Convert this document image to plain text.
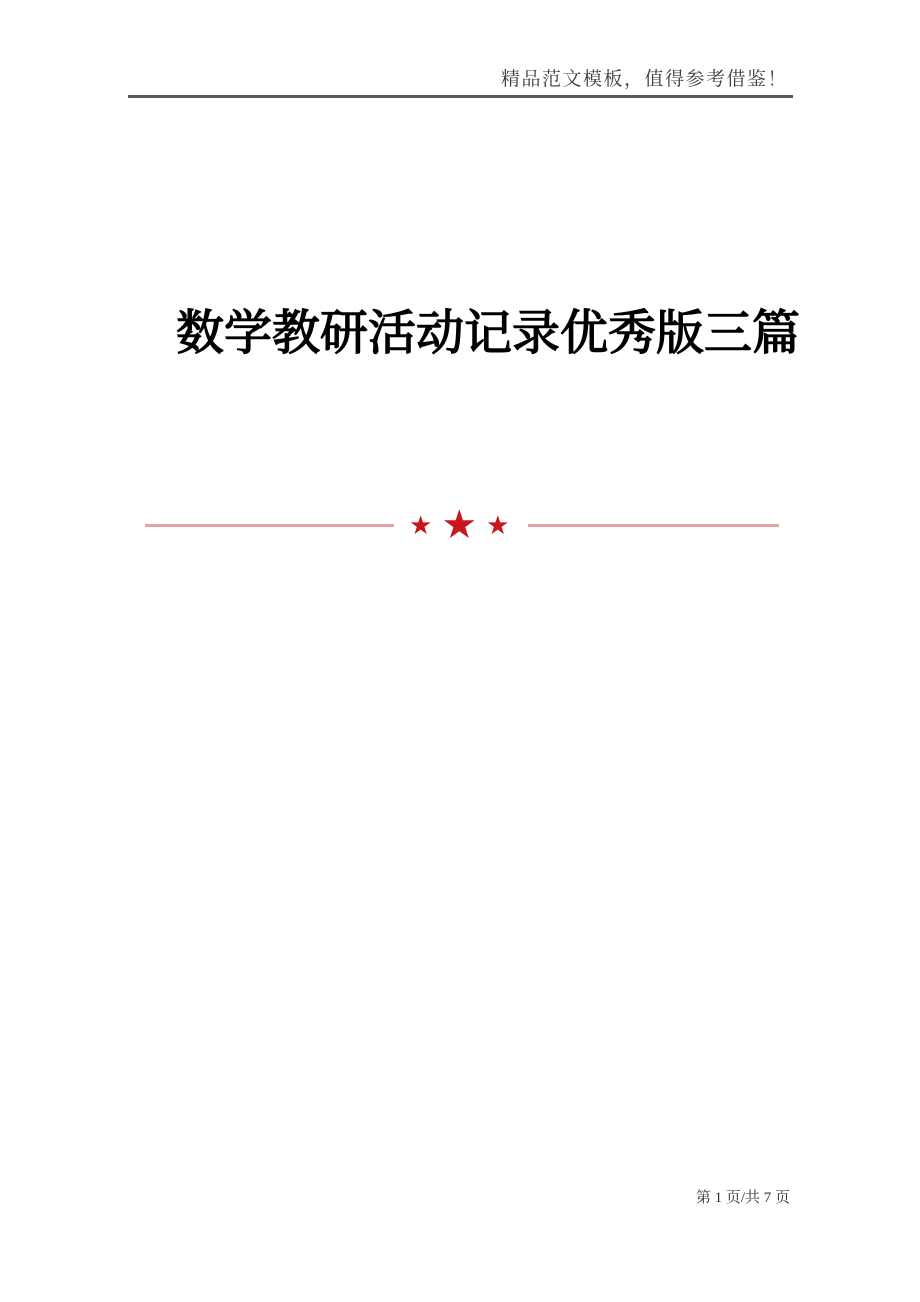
精品范文模板，值得参考借鉴！
数学教研活动记录优秀版三篇
★ ★ ★
第 1 页/共 7 页
